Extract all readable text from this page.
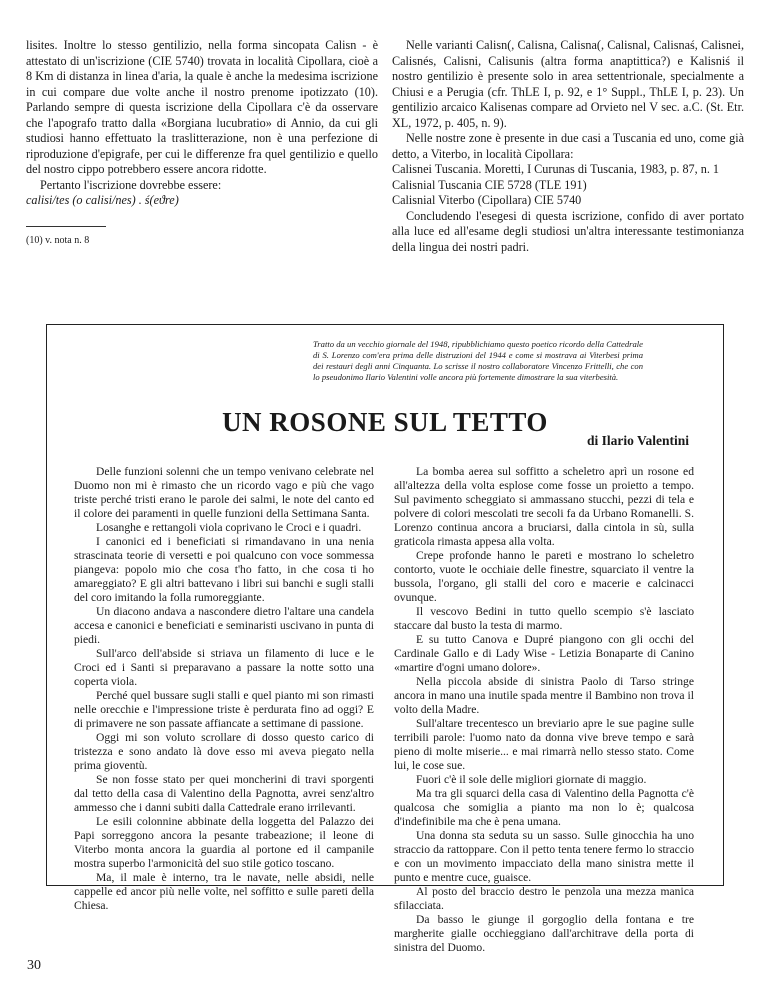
lisites. Inoltre lo stesso gentilizio, nella forma sincopata Calisn - è attestato di un'iscrizione (CIE 5740) trovata in località Cipollara, cioè a 8 Km di distanza in linea d'aria, la quale è anche la medesima iscrizione in cui compare due volte anche il nostro prenome ipotizzato (10). Parlando sempre di questa iscrizione della Cipollara c'è da osservare che l'apografo tratto dalla «Borgiana lucubratio» di Annio, da cui gli studiosi hanno effettuato la traslitterazione, non è una perfezione di riproduzione d'epigrafe, per cui le differenze fra quel gentilizio e quello del nostro cippo potrebbero essere ancora ridotte.

Pertanto l'iscrizione dovrebbe essere:

calisi/tes (o calisi/nes) . ś(eϑre)

(10) v. nota n. 8

Nelle varianti Calisn(, Calisna, Calisna(, Calisnal, Calisnaś, Calisnei, Calisnés, Calisni, Calisunis (altra forma anaptittica?) e Kalisniś il nostro gentilizio è presente solo in area settentrionale, specialmente a Chiusi e a Perugia (cfr. ThLE I, p. 92, e 1° Suppl., ThLE I, p. 23). Un gentilizio arcaico Kalisenas compare ad Orvieto nel V sec. a.C. (St. Etr. XL, 1972, p. 405, n. 9).

Nelle nostre zone è presente in due casi a Tuscania ed uno, come già detto, a Viterbo, in località Cipollara:

Calisnei Tuscania. Moretti, I Curunas di Tuscania, 1983, p. 87, n. 1

Calisnial Tuscania CIE 5728 (TLE 191)

Calisnial Viterbo (Cipollara) CIE 5740

Concludendo l'esegesi di questa iscrizione, confido di aver portato alla luce ed all'esame degli studiosi un'altra interessante testimonianza della lingua dei nostri padri.

Tratto da un vecchio giornale del 1948, ripubblichiamo questo poetico ricordo della Cattedrale di S. Lorenzo com'era prima delle distruzioni del 1944 e come si mostrava ai Viterbesi prima dei restauri degli anni Cinquanta. Lo scrisse il nostro collaboratore Vincenzo Frittelli, che con lo pseudonimo Ilario Valentini volle ancora più fortemente dimostrare la sua viterbesità.
UN ROSONE SUL TETTO
di Ilario Valentini

Delle funzioni solenni che un tempo venivano celebrate nel Duomo non mi è rimasto che un ricordo vago e più che vago triste perché tristi erano le parole dei salmi, le note del canto ed il colore dei paramenti in quelle funzioni della Settimana Santa.

Losanghe e rettangoli viola coprivano le Croci e i quadri.

I canonici ed i beneficiati si rimandavano in una nenia strascinata teorie di versetti e poi qualcuno con voce sommessa piangeva: popolo mio che cosa t'ho fatto, in che cosa ti ho amareggiato? E gli altri battevano i libri sui banchi e sugli stalli del coro imitando la folla rumoreggiante.

Un diacono andava a nascondere dietro l'altare una candela accesa e canonici e beneficiati e seminaristi uscivano in punta di piedi.

Sull'arco dell'abside si striava un filamento di luce e le Croci ed i Santi si preparavano a passare la notte sotto una coperta viola.

Perché quel bussare sugli stalli e quel pianto mi son rimasti nelle orecchie e l'impressione triste è perdurata fino ad oggi? E di primavere ne son passate affiancate a settimane di passione.

Oggi mi son voluto scrollare di dosso questo carico di tristezza e sono andato là dove esso mi aveva piegato nella prima gioventù.

Se non fosse stato per quei moncherini di travi sporgenti dal tetto della casa di Valentino della Pagnotta, avrei senz'altro ammesso che i danni subiti dalla Cattedrale erano irrilevanti.

Le esili colonnine abbinate della loggetta del Palazzo dei Papi sorreggono ancora la pesante trabeazione; il leone di Viterbo monta ancora la guardia al portone ed il campanile mostra superbo l'armonicità del suo stile gotico toscano.

Ma, il male è interno, tra le navate, nelle absidi, nelle cappelle ed ancor più nelle volte, nel soffitto e sulle pareti della Chiesa.

La bomba aerea sul soffitto a scheletro aprì un rosone ed all'altezza della volta esplose come fosse un proietto a tempo. Sul pavimento scheggiato si ammassano stucchi, pezzi di tela e polvere di colori mescolati tre secoli fa da Urbano Romanelli. S. Lorenzo continua ancora a bruciarsi, dalla cintola in sù, sulla graticola rimasta appesa alla volta.

Crepe profonde hanno le pareti e mostrano lo scheletro contorto, vuote le occhiaie delle finestre, squarciato il ventre la bussola, l'organo, gli stalli del coro e macerie e calcinacci ovunque.

Il vescovo Bedini in tutto quello scempio s'è lasciato staccare dal busto la testa di marmo.

E su tutto Canova e Dupré piangono con gli occhi del Cardinale Gallo e di Lady Wise - Letizia Bonaparte di Canino «martire d'ogni umano dolore».

Nella piccola abside di sinistra Paolo di Tarso stringe ancora in mano una inutile spada mentre il Bambino non trova il volto della Madre.

Sull'altare trecentesco un breviario apre le sue pagine sulle terribili parole: l'uomo nato da donna vive breve tempo e sarà pieno di molte miserie... e mai rimarrà nello stesso stato. Come lui, le cose sue.

Fuori c'è il sole delle migliori giornate di maggio.

Ma tra gli squarci della casa di Valentino della Pagnotta c'è qualcosa che somiglia a pianto ma non lo è; qualcosa d'indefinibile ma che è pena umana.

Una donna sta seduta su un sasso. Sulle ginocchia ha uno straccio da rattoppare. Con il petto tenta tenere fermo lo straccio e con un movimento impacciato della mano sinistra mette il punto e mentre cuce, guaisce.

Al posto del braccio destro le penzola una mezza manica sfilacciata.

Da basso le giunge il gorgoglio della fontana e tre margherite gialle occhieggiano dall'architrave della porta di sinistra del Duomo.

30
